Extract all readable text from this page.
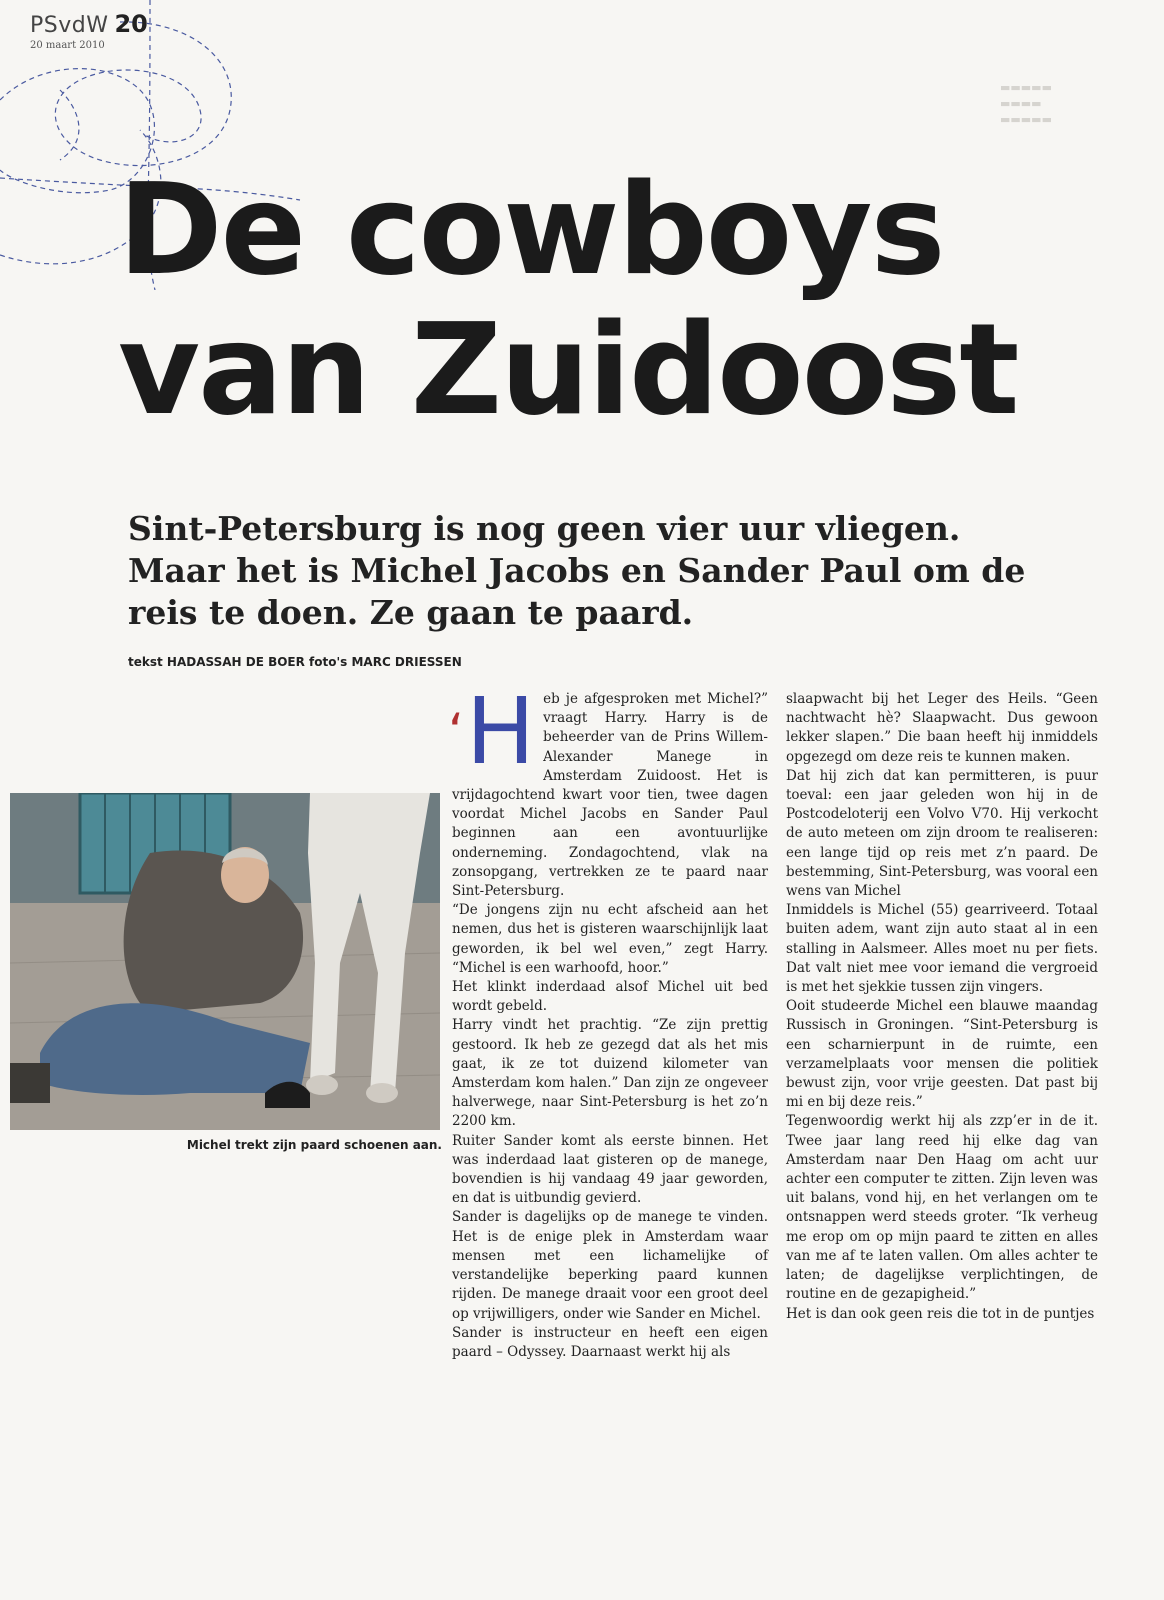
PSvdW 20
20 maart 2010
▬▬▬▬▬
▬▬▬▬
▬▬▬▬▬
De cowboys
van Zuidoost

Sint-Petersburg is nog geen vier uur vliegen. Maar het is Michel Jacobs en Sander Paul om de reis te doen. Ze gaan te paard.

tekst HADASSAH DE BOER foto's MARC DRIESSEN
Michel trekt zijn paard schoenen aan.

‘H eb je afgesproken met Michel?” vraagt Harry. Harry is de beheerder van de Prins Willem-Alexander Manege in Amsterdam Zuidoost. Het is vrijdagochtend kwart voor tien, twee dagen voordat Michel Jacobs en Sander Paul beginnen aan een avontuurlijke onderneming. Zondagochtend, vlak na zonsopgang, vertrekken ze te paard naar Sint-Petersburg.

“De jongens zijn nu echt afscheid aan het nemen, dus het is gisteren waarschijnlijk laat geworden, ik bel wel even,” zegt Harry. “Michel is een warhoofd, hoor.”

Het klinkt inderdaad alsof Michel uit bed wordt gebeld.

Harry vindt het prachtig. “Ze zijn prettig gestoord. Ik heb ze gezegd dat als het mis gaat, ik ze tot duizend kilometer van Amsterdam kom halen.” Dan zijn ze ongeveer halverwege, naar Sint-Petersburg is het zo’n 2200 km.

Ruiter Sander komt als eerste binnen. Het was inderdaad laat gisteren op de manege, bovendien is hij vandaag 49 jaar geworden, en dat is uitbundig gevierd.

Sander is dagelijks op de manege te vinden. Het is de enige plek in Amsterdam waar mensen met een lichamelijke of verstandelijke beperking paard kunnen rijden. De manege draait voor een groot deel op vrijwilligers, onder wie Sander en Michel.

Sander is instructeur en heeft een eigen paard – Odyssey. Daarnaast werkt hij als

slaapwacht bij het Leger des Heils. “Geen nachtwacht hè? Slaapwacht. Dus gewoon lekker slapen.” Die baan heeft hij inmiddels opgezegd om deze reis te kunnen maken.

Dat hij zich dat kan permitteren, is puur toeval: een jaar geleden won hij in de Postcodeloterij een Volvo V70. Hij verkocht de auto meteen om zijn droom te realiseren: een lange tijd op reis met z’n paard. De bestemming, Sint-Petersburg, was vooral een wens van Michel

Inmiddels is Michel (55) gearriveerd. Totaal buiten adem, want zijn auto staat al in een stalling in Aalsmeer. Alles moet nu per fiets. Dat valt niet mee voor iemand die vergroeid is met het sjekkie tussen zijn vingers.

Ooit studeerde Michel een blauwe maandag Russisch in Groningen. “Sint-Petersburg is een scharnierpunt in de ruimte, een verzamelplaats voor mensen die politiek bewust zijn, voor vrije geesten. Dat past bij mi en bij deze reis.”

Tegenwoordig werkt hij als zzp’er in de it. Twee jaar lang reed hij elke dag van Amsterdam naar Den Haag om acht uur achter een computer te zitten. Zijn leven was uit balans, vond hij, en het verlangen om te ontsnappen werd steeds groter. “Ik verheug me erop om op mijn paard te zitten en alles van me af te laten vallen. Om alles achter te laten; de dagelijkse verplichtingen, de routine en de gezapigheid.”

Het is dan ook geen reis die tot in de puntjes
